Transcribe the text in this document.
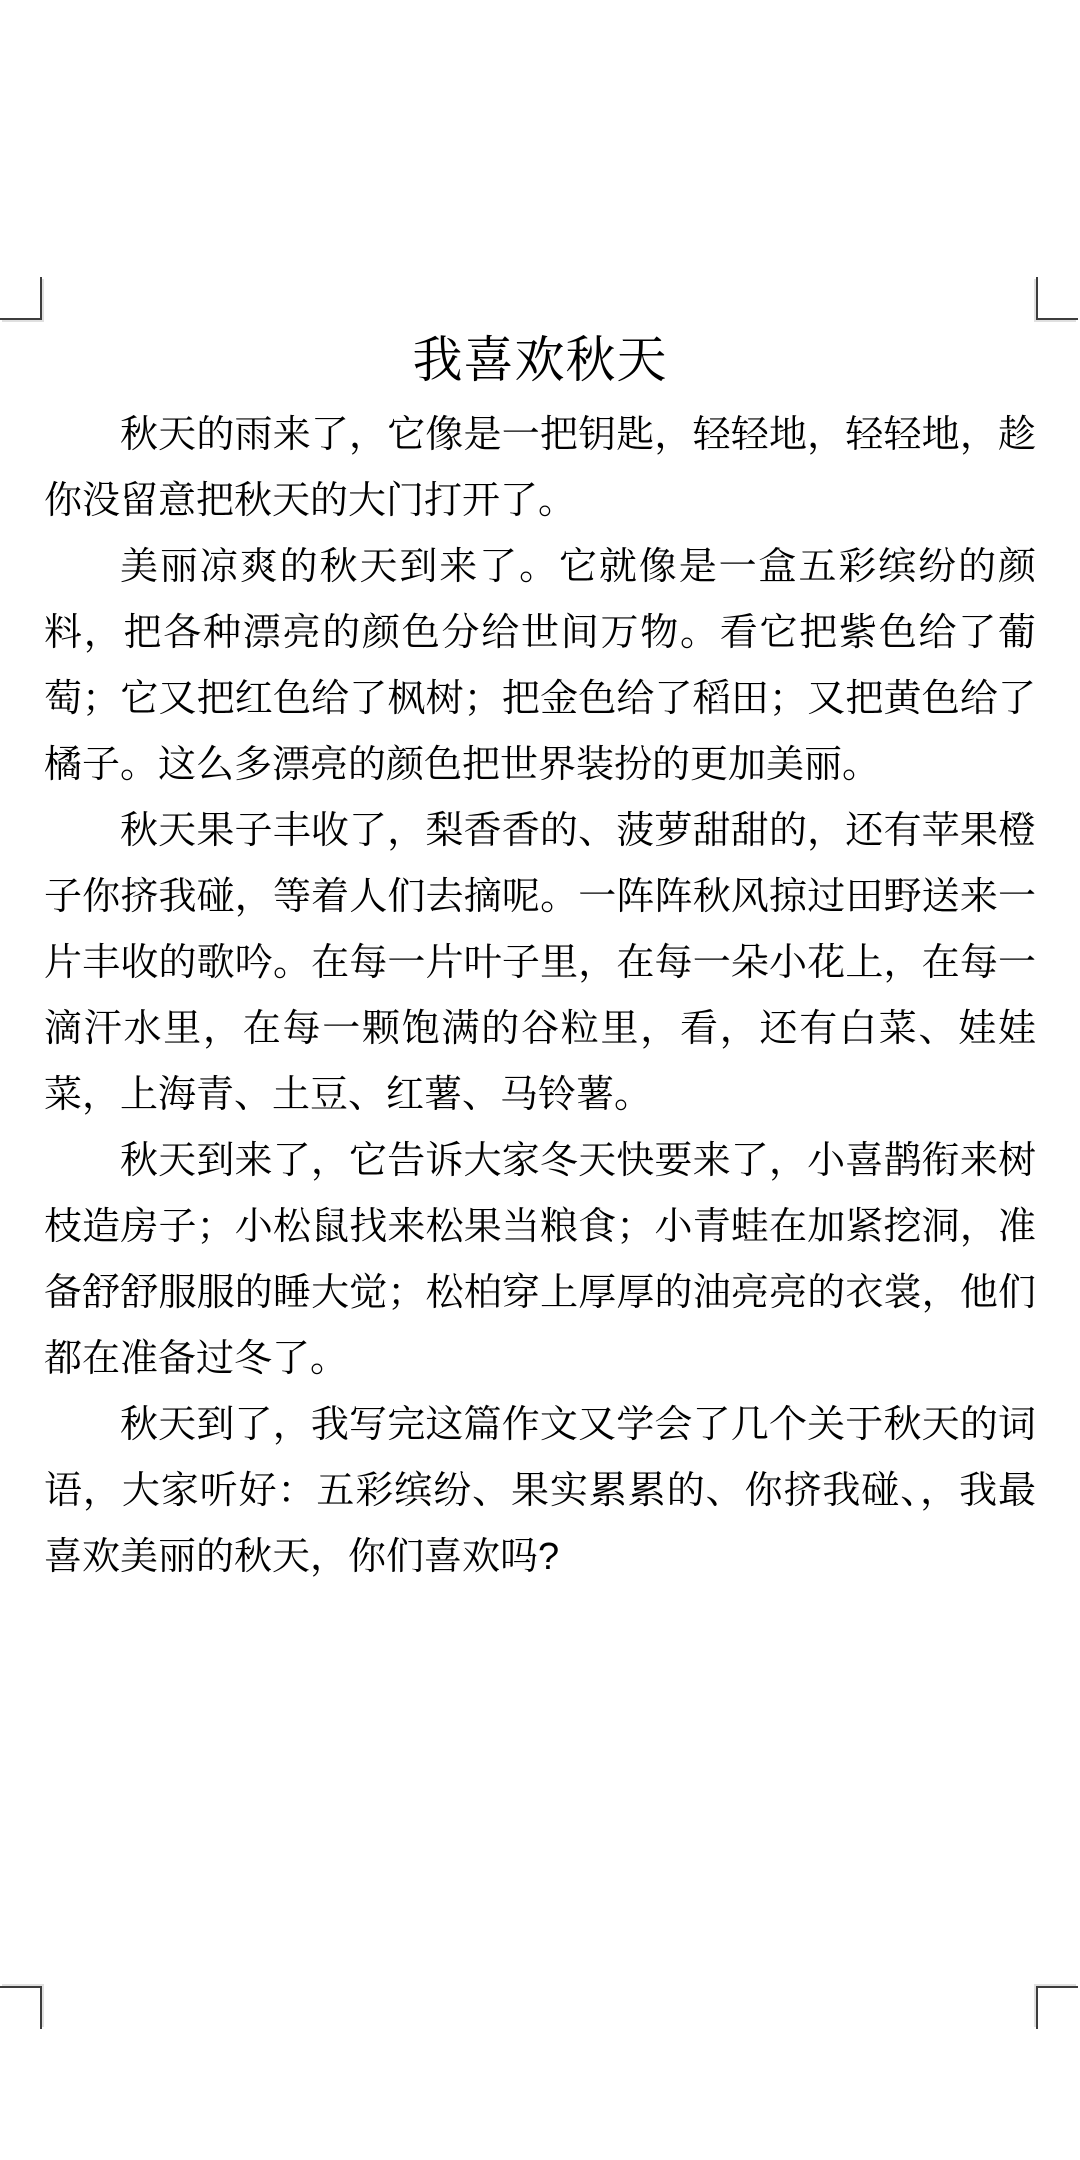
我喜欢秋天

秋天的雨来了，它像是一把钥匙，轻轻地，轻轻地，趁你没留意把秋天的大门打开了。

美丽凉爽的秋天到来了。它就像是一盒五彩缤纷的颜料，把各种漂亮的颜色分给世间万物。看它把紫色给了葡萄；它又把红色给了枫树；把金色给了稻田；又把黄色给了橘子。这么多漂亮的颜色把世界装扮的更加美丽。

秋天果子丰收了，梨香香的、菠萝甜甜的，还有苹果橙子你挤我碰，等着人们去摘呢。一阵阵秋风掠过田野送来一片丰收的歌吟。在每一片叶子里，在每一朵小花上，在每一滴汗水里，在每一颗饱满的谷粒里，看，还有白菜、娃娃菜，上海青、土豆、红薯、马铃薯。

秋天到来了，它告诉大家冬天快要来了，小喜鹊衔来树枝造房子；小松鼠找来松果当粮食；小青蛙在加紧挖洞，准备舒舒服服的睡大觉；松柏穿上厚厚的油亮亮的衣裳，他们都在准备过冬了。

秋天到了，我写完这篇作文又学会了几个关于秋天的词语，大家听好：五彩缤纷、果实累累的、你挤我碰、，我最喜欢美丽的秋天，你们喜欢吗?
